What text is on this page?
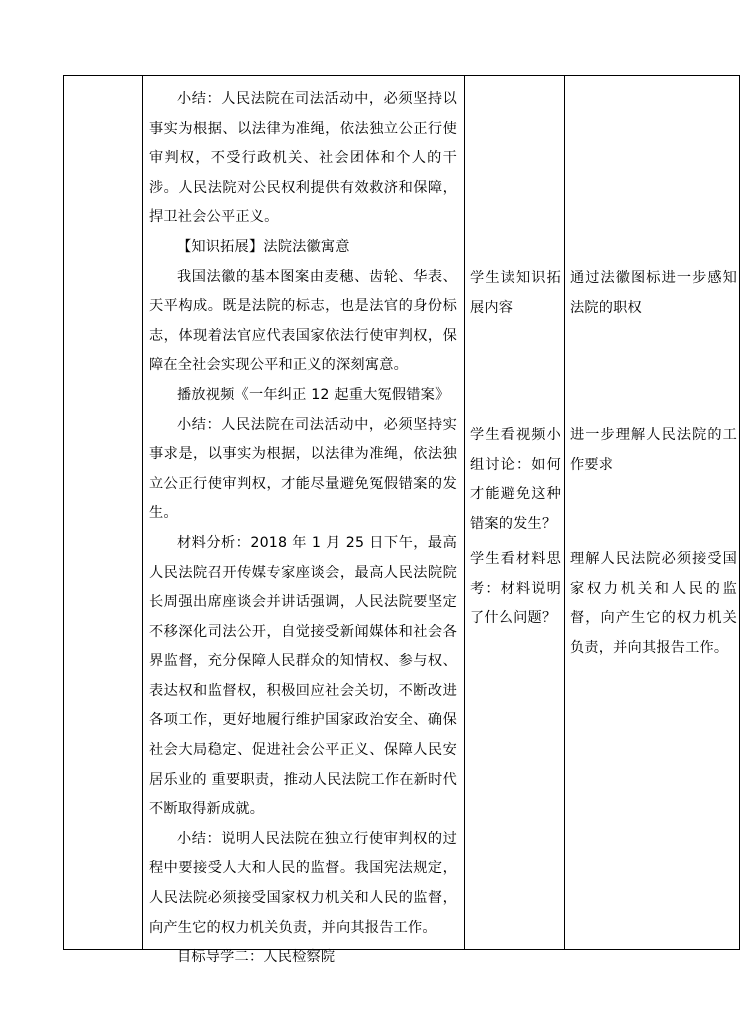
小结：人民法院在司法活动中，必须坚持以事实为根据、以法律为准绳，依法独立公正行使审判权，不受行政机关、社会团体和个人的干涉。人民法院对公民权利提供有效救济和保障，捍卫社会公平正义。

【知识拓展】法院法徽寓意

我国法徽的基本图案由麦穗、齿轮、华表、天平构成。既是法院的标志，也是法官的身份标志，体现着法官应代表国家依法行使审判权，保障在全社会实现公平和正义的深刻寓意。

播放视频《一年纠正 12 起重大冤假错案》

小结：人民法院在司法活动中，必须坚持实事求是，以事实为根据，以法律为准绳，依法独立公正行使审判权，才能尽量避免冤假错案的发生。

材料分析：2018 年 1 月 25 日下午，最高人民法院召开传媒专家座谈会，最高人民法院院长周强出席座谈会并讲话强调，人民法院要坚定不移深化司法公开，自觉接受新闻媒体和社会各界监督，充分保障人民群众的知情权、参与权、表达权和监督权，积极回应社会关切，不断改进各项工作，更好地履行维护国家政治安全、确保社会大局稳定、促进社会公平正义、保障人民安居乐业的 重要职责，推动人民法院工作在新时代不断取得新成就。

小结：说明人民法院在独立行使审判权的过程中要接受人大和人民的监督。我国宪法规定，人民法院必须接受国家权力机关和人民的监督，向产生它的权力机关负责，并向其报告工作。

目标导学二：人民检察院

学生读知识拓展内容

学生看视频小组讨论：如何才能避免这种错案的发生？

学生看材料思考：材料说明了什么问题？

通过法徽图标进一步感知法院的职权

进一步理解人民法院的工作要求

理解人民法院必须接受国家权力机关和人民的监督，向产生它的权力机关负责，并向其报告工作。
